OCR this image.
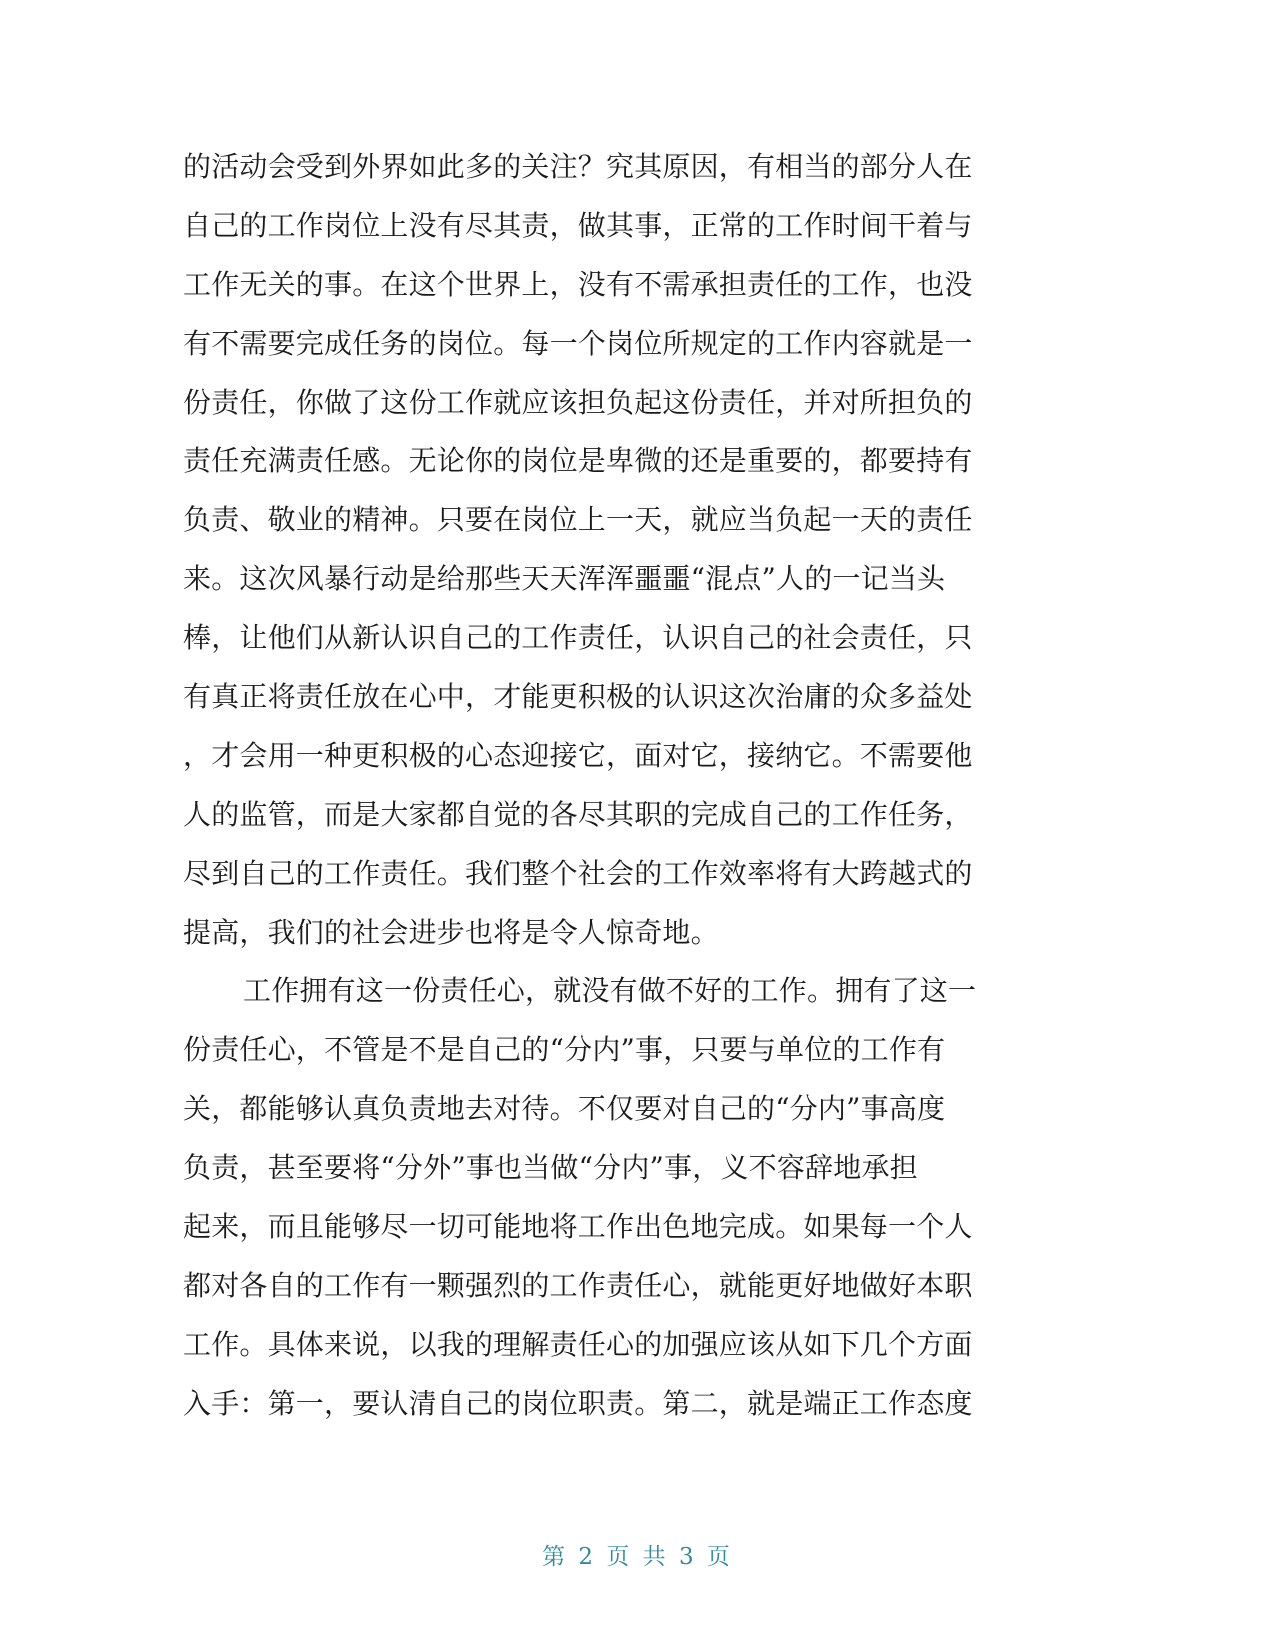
的活动会受到外界如此多的关注？究其原因，有相当的部分人在
自己的工作岗位上没有尽其责，做其事，正常的工作时间干着与
工作无关的事。在这个世界上，没有不需承担责任的工作，也没
有不需要完成任务的岗位。每一个岗位所规定的工作内容就是一
份责任，你做了这份工作就应该担负起这份责任，并对所担负的
责任充满责任感。无论你的岗位是卑微的还是重要的，都要持有
负责、敬业的精神。只要在岗位上一天，就应当负起一天的责任
来。这次风暴行动是给那些天天浑浑噩噩“混点”人的一记当头
棒，让他们从新认识自己的工作责任，认识自己的社会责任，只
有真正将责任放在心中，才能更积极的认识这次治庸的众多益处
，才会用一种更积极的心态迎接它，面对它，接纳它。不需要他
人的监管，而是大家都自觉的各尽其职的完成自己的工作任务，
尽到自己的工作责任。我们整个社会的工作效率将有大跨越式的
提高，我们的社会进步也将是令人惊奇地。
工作拥有这一份责任心，就没有做不好的工作。拥有了这一
份责任心，不管是不是自己的“分内”事，只要与单位的工作有
关，都能够认真负责地去对待。不仅要对自己的“分内”事高度
负责，甚至要将“分外”事也当做“分内”事，义不容辞地承担
起来，而且能够尽一切可能地将工作出色地完成。如果每一个人
都对各自的工作有一颗强烈的工作责任心，就能更好地做好本职
工作。具体来说，以我的理解责任心的加强应该从如下几个方面
入手：第一，要认清自己的岗位职责。第二，就是端正工作态度
第 2 页 共 3 页
